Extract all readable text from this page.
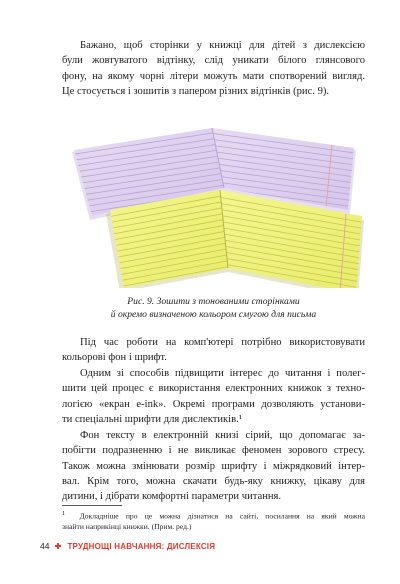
Бажано, щоб сторінки у книжці для дітей з дислексією
були жовтуватого відтінку, слід уникати білого глянсового
фону, на якому чорні літери можуть мати спотворений вигляд.
Це стосується і зошитів з папером різних відтінків (рис. 9).

Рис. 9. Зошити з тонованими сторінками
й окремо визначеною кольором смугою для письма

Під час роботи на комп'ютері потрібно використовувати
кольорові фон і шрифт.

Одним зі способів підвищити інтерес до читання і полег-
шити цей процес є використання електронних книжок з техно-
логією «екран e-ink». Окремі програми дозволяють установи-
ти спеціальні шрифти для дислектиків.¹

Фон тексту в електронній книзі сірий, що допомагає за-
побігти подразненню і не викликає феномен зорового стресу.
Також можна змінювати розмір шрифту і міжрядковий інтер-
вал. Крім того, можна скачати будь-яку книжку, цікаву для
дитини, і дібрати комфортні параметри читання.

$^1$ Докладніше про це можна дізнатися на сайті, посилання на який можна
знайти наприкінці книжки. (Прим. ред.)
44 ТРУДНОЩІ НАВЧАННЯ: ДИСЛЕКСІЯ
